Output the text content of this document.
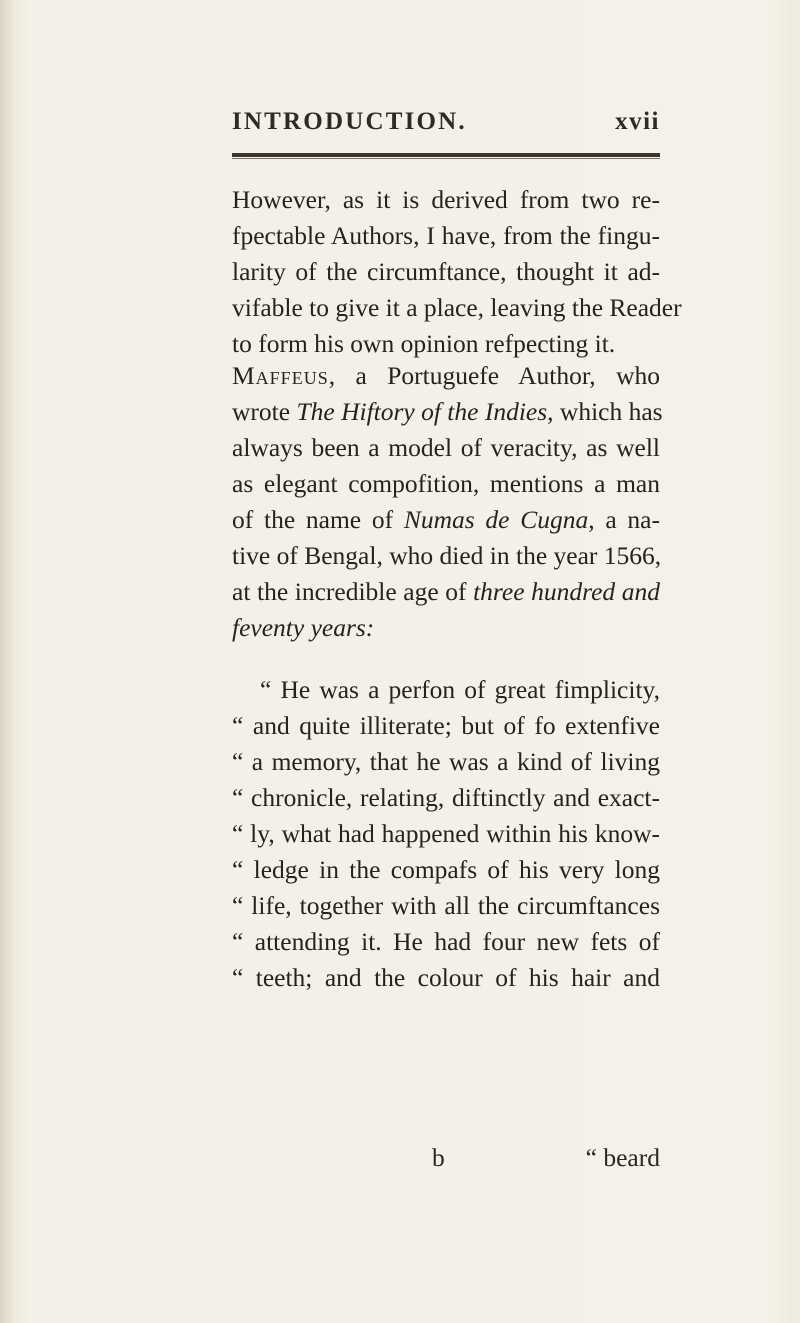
INTRODUCTION.	xvii
However, as it is derived from two re-
fpectable Authors, I have, from the fingu-
larity of the circumftance, thought it ad-
vifable to give it a place, leaving the Reader
to form his own opinion refpecting it.
Maffeus, a Portuguefe Author, who
wrote The Hiftory of the Indies, which has
always been a model of veracity, as well
as elegant compofition, mentions a man
of the name of Numas de Cugna, a na-
tive of Bengal, who died in the year 1566,
at the incredible age of three hundred and
feventy years:
“ He was a perfon of great fimplicity,
“ and quite illiterate; but of fo extenfive
“ a memory, that he was a kind of living
“ chronicle, relating, diftinctly and exact-
“ ly, what had happened within his know-
“ ledge in the compafs of his very long
“ life, together with all the circumftances
“ attending it. He had four new fets of
“ teeth; and the colour of his hair and
b	“ beard
